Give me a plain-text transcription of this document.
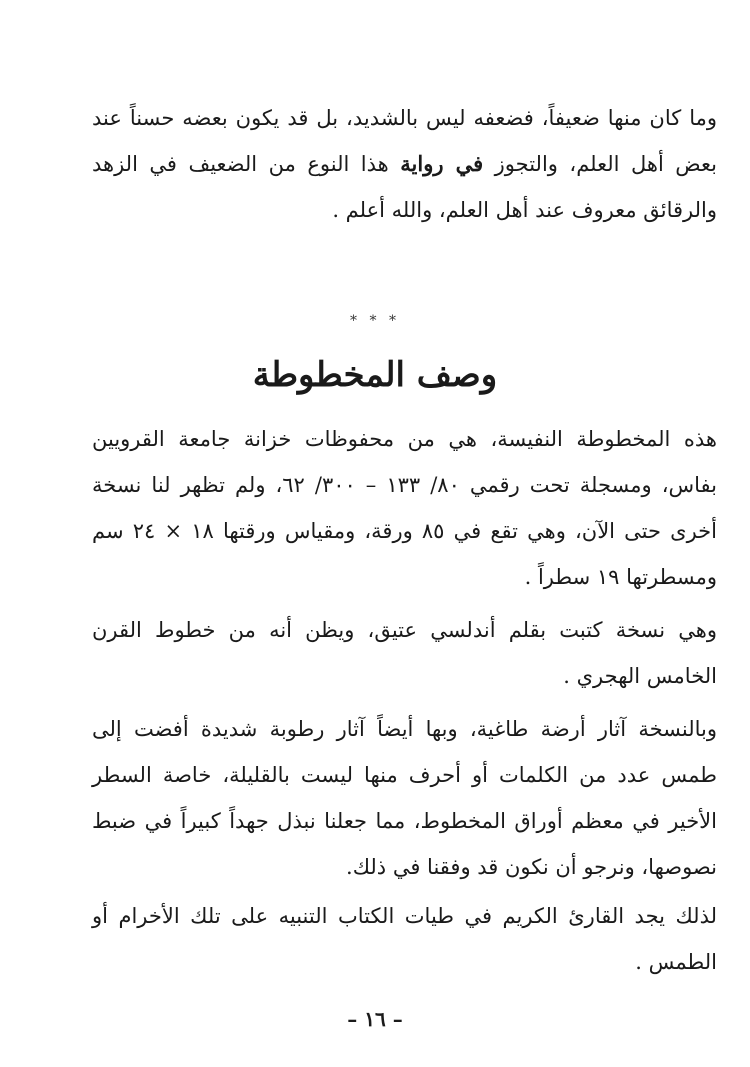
وما كان منها ضعيفاً، فضعفه ليس بالشديد، بل قد يكون بعضه حسناً عند بعض أهل العلم، والتجوز في رواية هذا النوع من الضعيف في الزهد والرقائق معروف عند أهل العلم، والله أعلم .

* * *
وصف المخطوطة

هذه المخطوطة النفيسة، هي من محفوظات خزانة جامعة القرويين بفاس، ومسجلة تحت رقمي ٨٠/ ١٣٣ – ٣٠٠/ ٦٢، ولم تظهر لنا نسخة أخرى حتى الآن، وهي تقع في ٨٥ ورقة، ومقياس ورقتها ١٨ × ٢٤ سم ومسطرتها ١٩ سطراً .

وهي نسخة كتبت بقلم أندلسي عتيق، ويظن أنه من خطوط القرن الخامس الهجري .

وبالنسخة آثار أرضة طاغية، وبها أيضاً آثار رطوبة شديدة أفضت إلى طمس عدد من الكلمات أو أحرف منها ليست بالقليلة، خاصة السطر الأخير في معظم أوراق المخطوط، مما جعلنا نبذل جهداً كبيراً في ضبط نصوصها، ونرجو أن نكون قد وفقنا في ذلك.

لذلك يجد القارئ الكريم في طيات الكتاب التنبيه على تلك الأخرام أو الطمس .

– ١٦ –
